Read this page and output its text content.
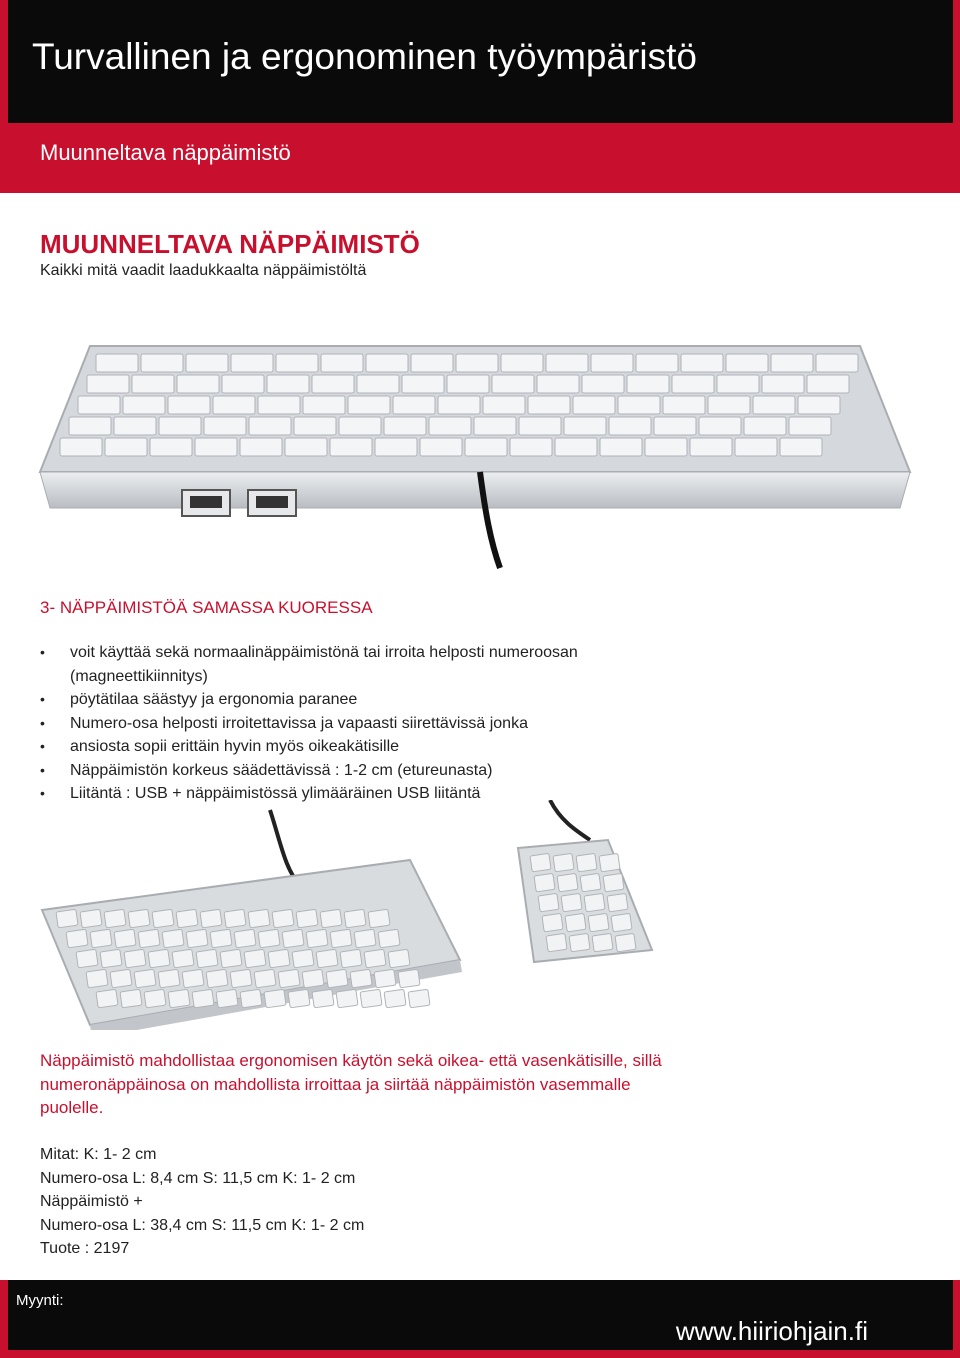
Turvallinen ja ergonominen työympäristö
Muunneltava näppäimistö
MUUNNELTAVA NÄPPÄIMISTÖ
Kaikki mitä vaadit laadukkaalta näppäimistöltä
3- NÄPPÄIMISTÖÄ SAMASSA KUORESSA
• voit käyttää sekä normaalinäppäimistönä tai irroita helposti numeroosan
(magneettikiinnitys)
• pöytätilaa säästyy ja ergonomia paranee
• Numero-osa helposti irroitettavissa ja vapaasti siirettävissä jonka
• ansiosta sopii erittäin hyvin myös oikeakätisille
• Näppäimistön korkeus säädettävissä : 1-2 cm (etureunasta)
• Liitäntä : USB + näppäimistössä ylimääräinen USB liitäntä
Näppäimistö mahdollistaa ergonomisen käytön sekä oikea- että vasenkätisille, sillä numeronäppäinosa on mahdollista irroittaa ja siirtää näppäimistön vasemmalle puolelle.
Mitat: K: 1- 2 cm
Numero-osa L: 8,4 cm S: 11,5 cm K: 1- 2 cm
Näppäimistö +
Numero-osa L: 38,4 cm S: 11,5 cm K: 1- 2 cm
Tuote : 2197
Myynti:
www.hiiriohjain.fi
